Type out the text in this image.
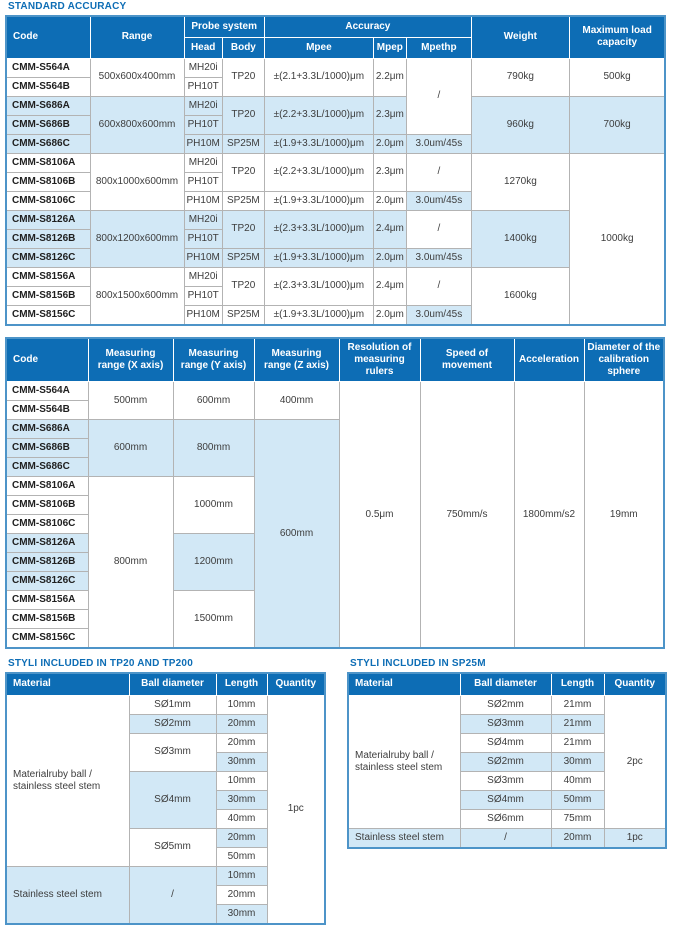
STANDARD ACCURACY
Code	Range	Probe system		Accuracy			Weight	Maximum load capacity
		Head	Body	Mpee	Mpep	Mpethp		
CMM-S564A	500x600x400mm	MH20i	TP20	±(2.1+3.3L/1000)μm	2.2μm	/	790kg	500kg
CMM-S564B		PH10T						
CMM-S686A	600x800x600mm	MH20i	TP20	±(2.2+3.3L/1000)μm	2.3μm		960kg	700kg
CMM-S686B		PH10T						
CMM-S686C		PH10M	SP25M	±(1.9+3.3L/1000)μm	2.0μm	3.0um/45s		
CMM-S8106A	800x1000x600mm	MH20i	TP20	±(2.2+3.3L/1000)μm	2.3μm	/	1270kg	1000kg
CMM-S8106B		PH10T						
CMM-S8106C		PH10M	SP25M	±(1.9+3.3L/1000)μm	2.0μm	3.0um/45s		
CMM-S8126A	800x1200x600mm	MH20i	TP20	±(2.3+3.3L/1000)μm	2.4μm	/	1400kg	
CMM-S8126B		PH10T						
CMM-S8126C		PH10M	SP25M	±(1.9+3.3L/1000)μm	2.0μm	3.0um/45s		
CMM-S8156A	800x1500x600mm	MH20i	TP20	±(2.3+3.3L/1000)μm	2.4μm	/	1600kg	
CMM-S8156B		PH10T						
CMM-S8156C		PH10M	SP25M	±(1.9+3.3L/1000)μm	2.0μm	3.0um/45s		
Code	Measuring range (X axis)	Measuring range (Y axis)	Measuring range (Z axis)	Resolution of measuring rulers	Speed of movement	Acceleration	Diameter of the calibration sphere
CMM-S564A	500mm	600mm	400mm	0.5μm	750mm/s	1800mm/s2	19mm
CMM-S564B							
CMM-S686A	600mm	800mm	600mm				
CMM-S686B							
CMM-S686C							
CMM-S8106A	800mm	1000mm					
CMM-S8106B							
CMM-S8106C							
CMM-S8126A		1200mm					
CMM-S8126B							
CMM-S8126C							
CMM-S8156A		1500mm					
CMM-S8156B							
CMM-S8156C							
STYLI INCLUDED IN TP20 AND TP200
Material	Ball diameter	Length	Quantity
Materialruby ball / stainless steel stem	SØ1mm	10mm	1pc
	SØ2mm	20mm	
	SØ3mm	20mm	
		30mm	
	SØ4mm	10mm	
		30mm	
		40mm	
	SØ5mm	20mm	
		50mm	
Stainless steel stem	/	10mm	
		20mm	
		30mm	
STYLI INCLUDED IN SP25M
Material	Ball diameter	Length	Quantity
Materialruby ball / stainless steel stem	SØ2mm	21mm	2pc
	SØ3mm	21mm	
	SØ4mm	21mm	
	SØ2mm	30mm	
	SØ3mm	40mm	
	SØ4mm	50mm	
	SØ6mm	75mm	
Stainless steel stem	/	20mm	1pc
